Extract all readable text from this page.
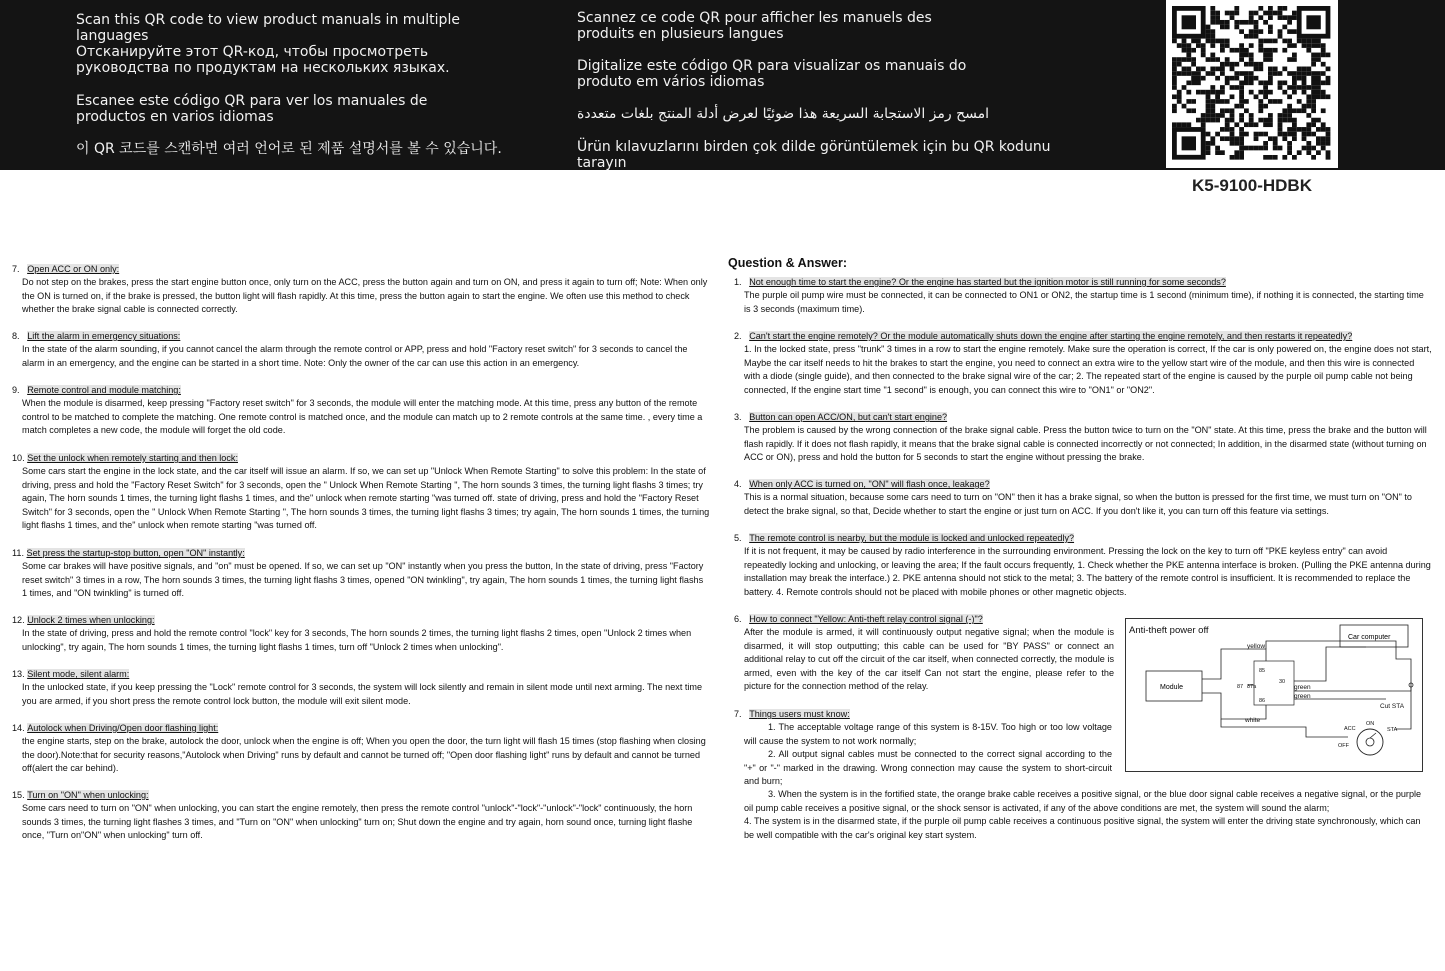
Scan this QR code to view product manuals in multiple languages
Отсканируйте этот QR-код, чтобы просмотреть руководства по продуктам на нескольких языках.
Escanee este código QR para ver los manuales de productos en varios idiomas
이 QR 코드를 스캔하면 여러 언어로 된 제품 설명서를 볼 수 있습니다.
Scannez ce code QR pour afficher les manuels des produits en plusieurs langues
Digitalize este código QR para visualizar os manuais do produto em vários idiomas
امسح رمز الاستجابة السريعة هذا ضوئيًا لعرض أدلة المنتج بلغات متعددة
Ürün kılavuzlarını birden çok dilde görüntülemek için bu QR kodunu tarayın
K5-9100-HDBK
7. Open ACC or ON only:
Do not step on the brakes, press the start engine button once, only turn on the ACC, press the button again and turn on ON, and press it again to turn off; Note: When only the ON is turned on, if the brake is pressed, the button light will flash rapidly. At this time, press the button again to start the engine. We often use this method to check whether the brake signal cable is connected correctly.
8. Lift the alarm in emergency situations:
In the state of the alarm sounding, if you cannot cancel the alarm through the remote control or APP, press and hold "Factory reset switch" for 3 seconds to cancel the alarm in an emergency, and the engine can be started in a short time. Note: Only the owner of the car can use this action in an emergency.
9. Remote control and module matching:
When the module is disarmed, keep pressing "Factory reset switch" for 3 seconds, the module will enter the matching mode. At this time, press any button of the remote control to be matched to complete the matching. One remote control is matched once, and the module can match up to 2 remote controls at the same time. , every time a match completes a new code, the module will forget the old code.
10. Set the unlock when remotely starting and then lock:
Some cars start the engine in the lock state, and the car itself will issue an alarm. If so, we can set up "Unlock When Remote Starting" to solve this problem: In the state of driving, press and hold the "Factory Reset Switch" for 3 seconds, open the " Unlock When Remote Starting ", The horn sounds 3 times, the turning light flashs 3 times; try again, The horn sounds 1 times, the turning light flashs 1 times, and the" unlock when remote starting "was turned off. state of driving, press and hold the "Factory Reset Switch" for 3 seconds, open the " Unlock When Remote Starting ", The horn sounds 3 times, the turning light flashs 3 times; try again, The horn sounds 1 times, the turning light flashs 1 times, and the" unlock when remote starting "was turned off.
11. Set press the startup-stop button, open "ON" instantly:
Some car brakes will have positive signals, and "on" must be opened. If so, we can set up "ON" instantly when you press the button, In the state of driving, press "Factory reset switch" 3 times in a row, The horn sounds 3 times, the turning light flashs 3 times, opened "ON twinkling", try again, The horn sounds 1 times, the turning light flashs 1 times, and "ON twinkling" is turned off.
12. Unlock 2 times when unlocking:
In the state of driving, press and hold the remote control "lock" key for 3 seconds, The horn sounds 2 times, the turning light flashs 2 times, open "Unlock 2 times when unlocking", try again, The horn sounds 1 times, the turning light flashs 1 times, turn off "Unlock 2 times when unlocking".
13. Silent mode, silent alarm:
In the unlocked state, if you keep pressing the "Lock" remote control for 3 seconds, the system will lock silently and remain in silent mode until next arming. The next time you are armed, if you short press the remote control lock button, the module will exit silent mode.
14. Autolock when Driving/Open door flashing light:
the engine starts, step on the brake, autolock the door, unlock when the engine is off; When you open the door, the turn light will flash 15 times (stop flashing when closing the door).Note:that for security reasons,"Autolock when Driving" runs by default and cannot be turned off; "Open door flashing light" runs by default and cannot be turned off(alert the car behind).
15. Turn on "ON" when unlocking:
Some cars need to turn on "ON" when unlocking, you can start the engine remotely, then press the remote control "unlock"-"lock"-"unlock"-"lock" continuously, the horn sounds 3 times, the turning light flashes 3 times, and "Turn on "ON" when unlocking" turn on; Shut down the engine and try again, horn sound once, turning light flashe once, "Turn on"ON" when unlocking" turn off.
Question & Answer:
1. Not enough time to start the engine? Or the engine has started but the ignition motor is still running for some seconds?
The purple oil pump wire must be connected, it can be connected to ON1 or ON2, the startup time is 1 second (minimum time), if nothing it is connected, the starting time is 3 seconds (maximum time).
2. Can't start the engine remotely? Or the module automatically shuts down the engine after starting the engine remotely, and then restarts it repeatedly?
1. In the locked state, press "trunk" 3 times in a row to start the engine remotely. Make sure the operation is correct, If the car is only powered on, the engine does not start, Maybe the car itself needs to hit the brakes to start the engine, you need to connect an extra wire to the yellow start wire of the module, and then this wire is connected with a diode (single guide), and then connected to the brake signal wire of the car; 2. The repeated start of the engine is caused by the purple oil pump cable not being connected, If the engine start time "1 second" is enough, you can connect this wire to "ON1" or "ON2".
3. Button can open ACC/ON, but can't start engine?
The problem is caused by the wrong connection of the brake signal cable. Press the button twice to turn on the "ON" state. At this time, press the brake and the button will flash rapidly. If it does not flash rapidly, it means that the brake signal cable is connected incorrectly or not connected; In addition, in the disarmed state (without turning on ACC or ON), press and hold the button for 5 seconds to start the engine without pressing the brake.
4. When only ACC is turned on, "ON" will flash once, leakage?
This is a normal situation, because some cars need to turn on "ON" then it has a brake signal, so when the button is pressed for the first time, we must turn on "ON" to detect the brake signal, so that, Decide whether to start the engine or just turn on ACC. If you don't like it, you can turn off this feature via settings.
5. The remote control is nearby, but the module is locked and unlocked repeatedly?
If it is not frequent, it may be caused by radio interference in the surrounding environment. Pressing the lock on the key to turn off "PKE keyless entry" can avoid repeatedly locking and unlocking, or leaving the area; If the fault occurs frequently, 1. Check whether the PKE antenna interface is broken. (Pulling the PKE antenna during installation may break the interface.) 2. PKE antenna should not stick to the metal; 3. The battery of the remote control is insufficient. It is recommended to replace the battery. 4. Remote controls should not be placed with mobile phones or other magnetic objects.
6. How to connect "Yellow: Anti-theft relay control signal (-)"?
After the module is armed, it will continuously output negative signal; when the module is disarmed, it will stop outputting; this cable can be used for "BY PASS" or connect an additional relay to cut off the circuit of the car itself, when connected correctly, the module is armed, even with the key of the car itself Can not start the engine, please refer to the picture for the connection method of the relay.
7. Things users must know:
1. The acceptable voltage range of this system is 8-15V. Too high or too low voltage will cause the system to not work normally;
2. All output signal cables must be connected to the correct signal according to the "+" or "-" marked in the drawing. Wrong connection may cause the system to short-circuit and burn;
3. When the system is in the fortified state, the orange brake cable receives a positive signal, or the blue door signal cable receives a negative signal, or the purple oil pump cable receives a positive signal, or the shock sensor is activated, if any of the above conditions are met, the system will sound the alarm;
4. The system is in the disarmed state, if the purple oil pump cable receives a continuous positive signal, the system will enter the driving state synchronously, which can be well compatible with the car's original key start system.
Anti-theft power off
yellow
green
green
white
Cut STA
Car computer
Module
85
87 87a
30
86
ACC
ON
STA
OFF
